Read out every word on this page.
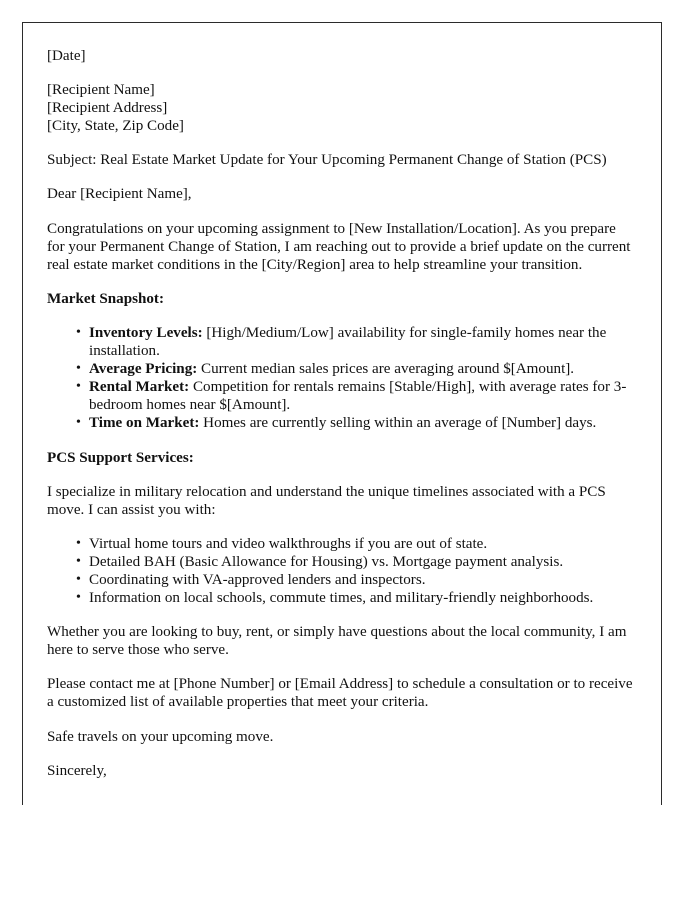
[Date]

[Recipient Name]
[Recipient Address]
[City, State, Zip Code]

Subject: Real Estate Market Update for Your Upcoming Permanent Change of Station (PCS)

Dear [Recipient Name],

Congratulations on your upcoming assignment to [New Installation/Location]. As you prepare for your Permanent Change of Station, I am reaching out to provide a brief update on the current real estate market conditions in the [City/Region] area to help streamline your transition.

Market Snapshot:

• Inventory Levels: [High/Medium/Low] availability for single-family homes near the installation.
• Average Pricing: Current median sales prices are averaging around $[Amount].
• Rental Market: Competition for rentals remains [Stable/High], with average rates for 3-bedroom homes near $[Amount].
• Time on Market: Homes are currently selling within an average of [Number] days.

PCS Support Services:

I specialize in military relocation and understand the unique timelines associated with a PCS move. I can assist you with:

• Virtual home tours and video walkthroughs if you are out of state.
• Detailed BAH (Basic Allowance for Housing) vs. Mortgage payment analysis.
• Coordinating with VA-approved lenders and inspectors.
• Information on local schools, commute times, and military-friendly neighborhoods.

Whether you are looking to buy, rent, or simply have questions about the local community, I am here to serve those who serve.

Please contact me at [Phone Number] or [Email Address] to schedule a consultation or to receive a customized list of available properties that meet your criteria.

Safe travels on your upcoming move.

Sincerely,
